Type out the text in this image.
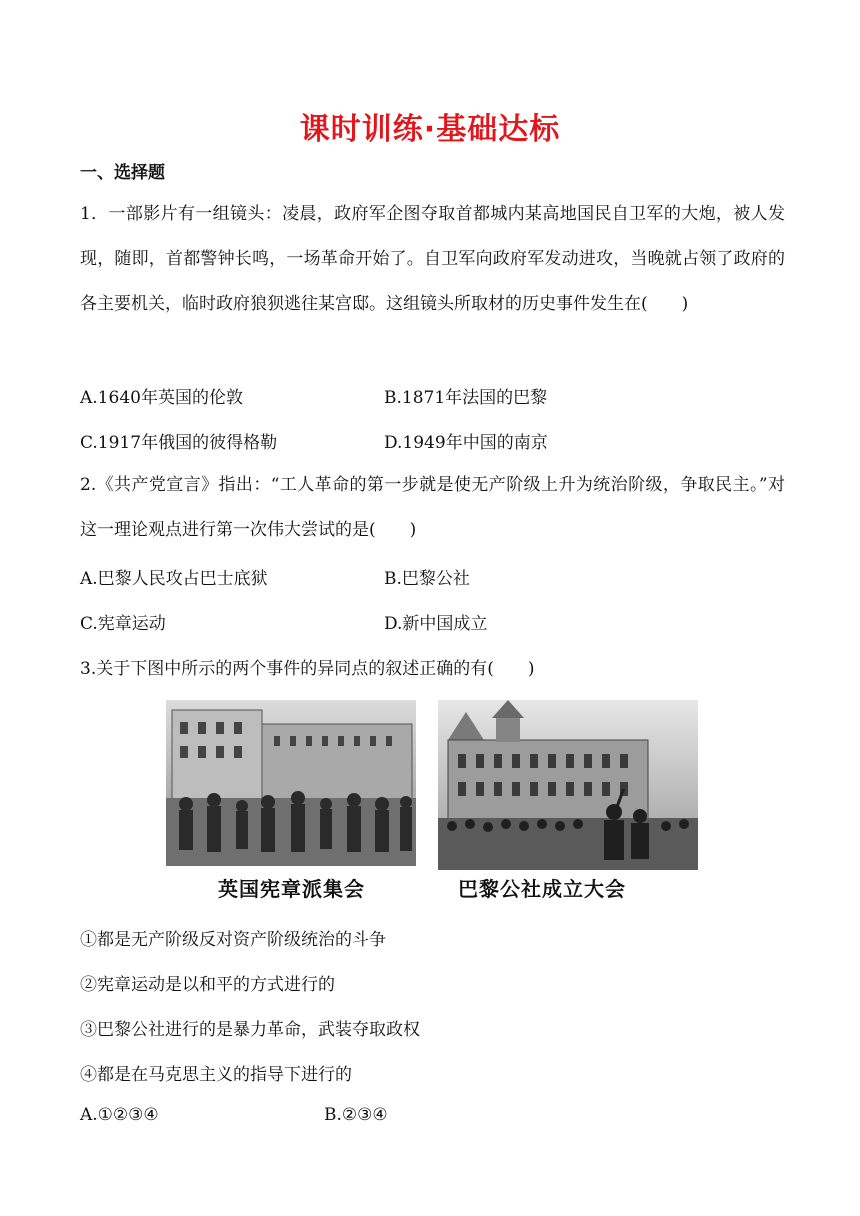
课时训练·基础达标
一、选择题
1．一部影片有一组镜头：凌晨，政府军企图夺取首都城内某高地国民自卫军的大炮，被人发现，随即，首都警钟长鸣，一场革命开始了。自卫军向政府军发动进攻，当晚就占领了政府的各主要机关，临时政府狼狈逃往某宫邸。这组镜头所取材的历史事件发生在(　　)
A.1640年英国的伦敦	B.1871年法国的巴黎
C.1917年俄国的彼得格勒	D.1949年中国的南京
2.《共产党宣言》指出：“工人革命的第一步就是使无产阶级上升为统治阶级，争取民主。”对这一理论观点进行第一次伟大尝试的是(　　)
A.巴黎人民攻占巴士底狱	B.巴黎公社
C.宪章运动	D.新中国成立
3.关于下图中所示的两个事件的异同点的叙述正确的有(　　)
英国宪章派集会	巴黎公社成立大会
①都是无产阶级反对资产阶级统治的斗争
②宪章运动是以和平的方式进行的
③巴黎公社进行的是暴力革命，武装夺取政权
④都是在马克思主义的指导下进行的
A.①②③④	B.②③④
